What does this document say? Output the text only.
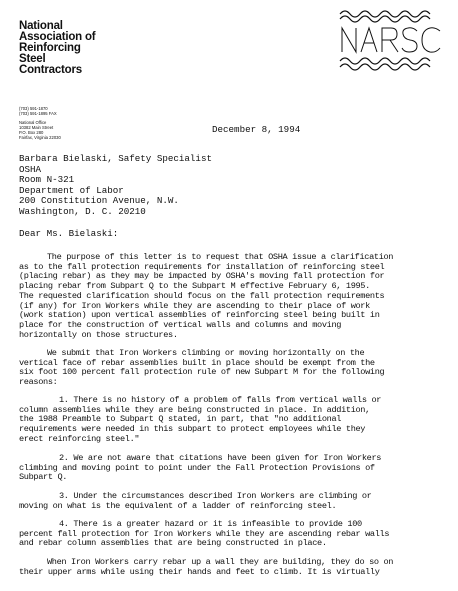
National
Association of
Reinforcing
Steel
Contractors
(703) 591-1870
(703) 591-1895 FAX
National Office
10382 Main Street
P.O. Box 280
Fairfax, Virginia 22030
December 8, 1994
Barbara Bielaski, Safety Specialist
OSHA
Room N-321
Department of Labor
200 Constitution Avenue, N.W.
Washington, D. C. 20210
Dear Ms. Bielaski:
The purpose of this letter is to request that OSHA issue a clarification
as to the fall protection requirements for installation of reinforcing steel
(placing rebar) as they may be impacted by OSHA's moving fall protection for
placing rebar from Subpart Q to the Subpart M effective February 6, 1995.
The requested clarification should focus on the fall protection requirements
(if any) for Iron Workers while they are ascending to their place of work
(work station) upon vertical assemblies of reinforcing steel being built in
place for the construction of vertical walls and columns and moving
horizontally on those structures.
We submit that Iron Workers climbing or moving horizontally on the
vertical face of rebar assemblies built in place should be exempt from the
six foot 100 percent fall protection rule of new Subpart M for the following
reasons:
1. There is no history of a problem of falls from vertical walls or
column assemblies while they are being constructed in place. In addition,
the 1988 Preamble to Subpart Q stated, in part, that "no additional
requirements were needed in this subpart to protect employees while they
erect reinforcing steel."
2. We are not aware that citations have been given for Iron Workers
climbing and moving point to point under the Fall Protection Provisions of
Subpart Q.
3. Under the circumstances described Iron Workers are climbing or
moving on what is the equivalent of a ladder of reinforcing steel.
4. There is a greater hazard or it is infeasible to provide 100
percent fall protection for Iron Workers while they are ascending rebar walls
and rebar column assemblies that are being constructed in place.
When Iron Workers carry rebar up a wall they are building, they do so on
their upper arms while using their hands and feet to climb. It is virtually
